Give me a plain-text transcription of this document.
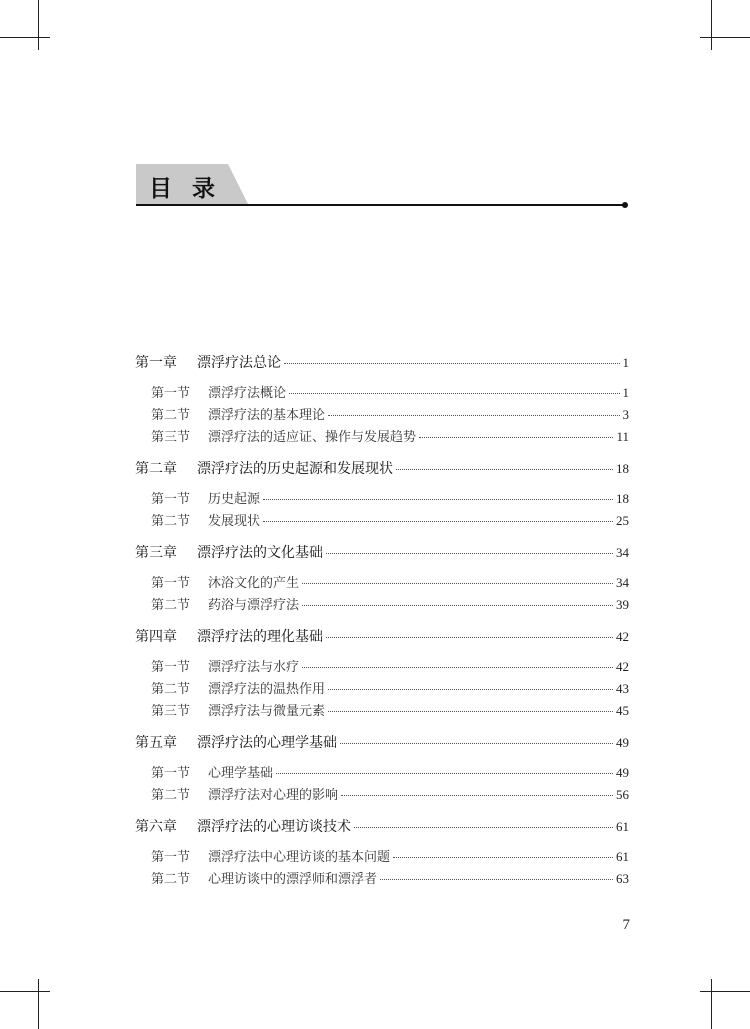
目录
第一章	漂浮疗法总论	1
第一节	漂浮疗法概论	1
第二节	漂浮疗法的基本理论	3
第三节	漂浮疗法的适应证、操作与发展趋势	11
第二章	漂浮疗法的历史起源和发展现状	18
第一节	历史起源	18
第二节	发展现状	25
第三章	漂浮疗法的文化基础	34
第一节	沐浴文化的产生	34
第二节	药浴与漂浮疗法	39
第四章	漂浮疗法的理化基础	42
第一节	漂浮疗法与水疗	42
第二节	漂浮疗法的温热作用	43
第三节	漂浮疗法与微量元素	45
第五章	漂浮疗法的心理学基础	49
第一节	心理学基础	49
第二节	漂浮疗法对心理的影响	56
第六章	漂浮疗法的心理访谈技术	61
第一节	漂浮疗法中心理访谈的基本问题	61
第二节	心理访谈中的漂浮师和漂浮者	63
7
